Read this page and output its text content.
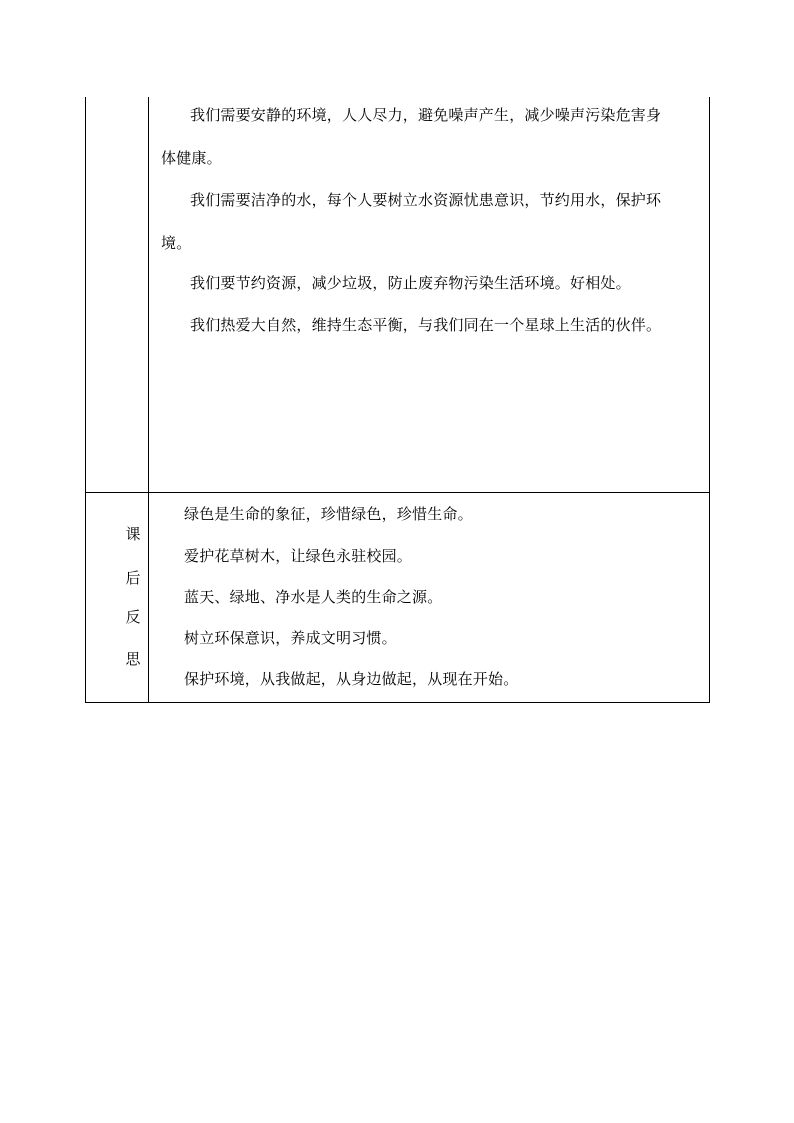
我们需要安静的环境，人人尽力，避免噪声产生，减少噪声污染危害身
体健康。
我们需要洁净的水，每个人要树立水资源忧患意识，节约用水，保护环
境。
我们要节约资源，减少垃圾，防止废弃物污染生活环境。好相处。
我们热爱大自然，维持生态平衡，与我们同在一个星球上生活的伙伴。
课
后
反
思
绿色是生命的象征，珍惜绿色，珍惜生命。
爱护花草树木，让绿色永驻校园。
蓝天、绿地、净水是人类的生命之源。
树立环保意识，养成文明习惯。
保护环境，从我做起，从身边做起，从现在开始。
